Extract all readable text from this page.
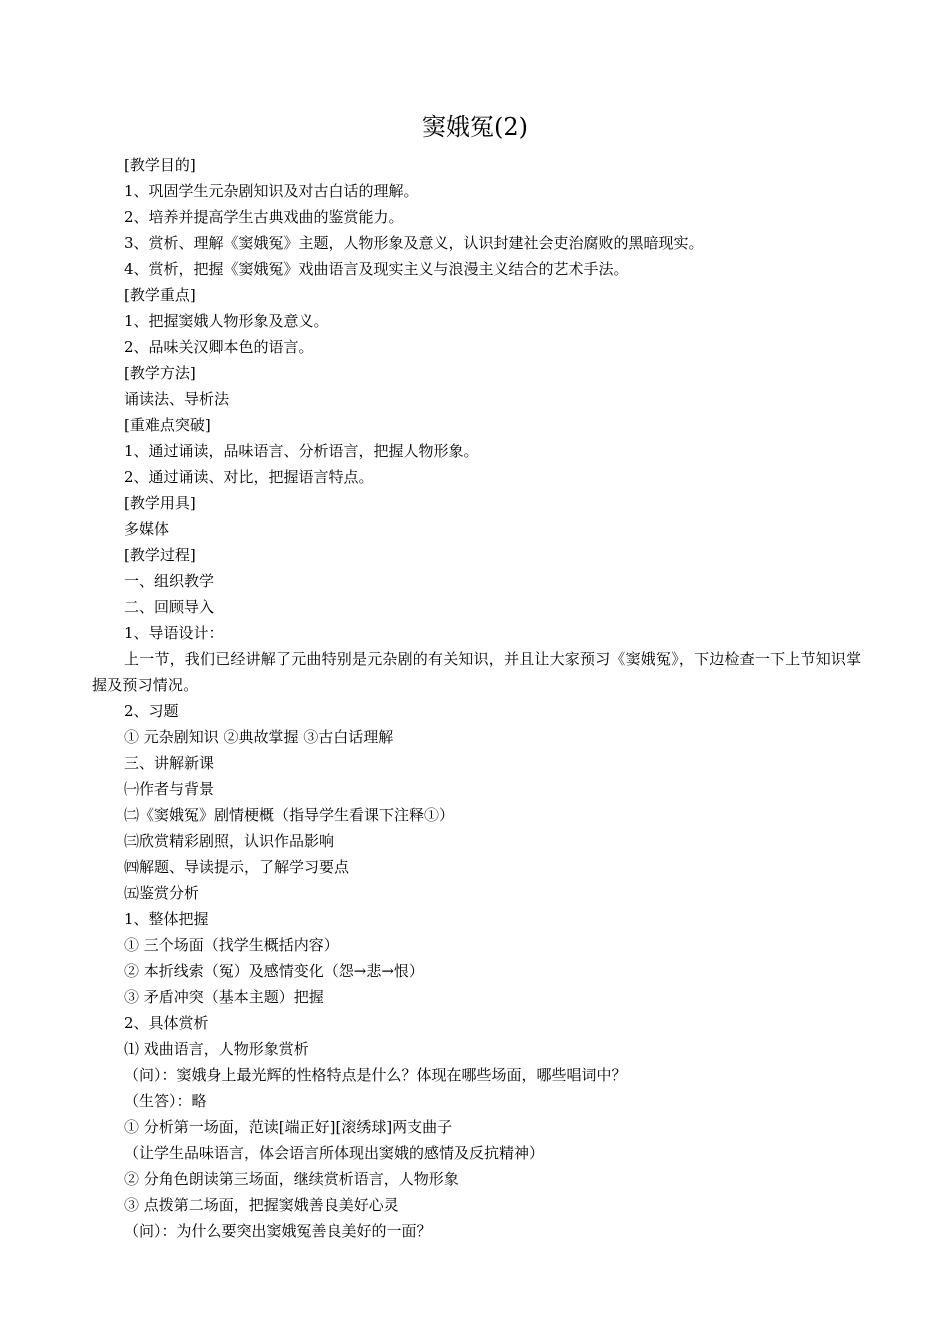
窦娥冤(2)

[教学目的]

1、巩固学生元杂剧知识及对古白话的理解。

2、培养并提高学生古典戏曲的鉴赏能力。

3、赏析、理解《窦娥冤》主题，人物形象及意义，认识封建社会吏治腐败的黑暗现实。

4、赏析，把握《窦娥冤》戏曲语言及现实主义与浪漫主义结合的艺术手法。

[教学重点]

1、把握窦娥人物形象及意义。

2、品味关汉卿本色的语言。

[教学方法]

诵读法、导析法

[重难点突破]

1、通过诵读，品味语言、分析语言，把握人物形象。

2、通过诵读、对比，把握语言特点。

[教学用具]

多媒体

[教学过程]

一、组织教学

二、回顾导入

1、导语设计：

上一节，我们已经讲解了元曲特别是元杂剧的有关知识，并且让大家预习《窦娥冤》，下边检查一下上节知识掌握及预习情况。

2、习题

① 元杂剧知识 ②典故掌握 ③古白话理解

三、讲解新课

㈠作者与背景

㈡《窦娥冤》剧情梗概（指导学生看课下注释①）

㈢欣赏精彩剧照，认识作品影响

㈣解题、导读提示，了解学习要点

㈤鉴赏分析

1、整体把握

① 三个场面（找学生概括内容）

② 本折线索（冤）及感情变化（怨→悲→恨）

③ 矛盾冲突（基本主题）把握

2、具体赏析

⑴ 戏曲语言，人物形象赏析

（问）：窦娥身上最光辉的性格特点是什么？体现在哪些场面，哪些唱词中？

（生答）：略

① 分析第一场面，范读[端正好][滚绣球]两支曲子

（让学生品味语言，体会语言所体现出窦娥的感情及反抗精神）

② 分角色朗读第三场面，继续赏析语言，人物形象

③ 点拨第二场面，把握窦娥善良美好心灵

（问）：为什么要突出窦娥冤善良美好的一面？
